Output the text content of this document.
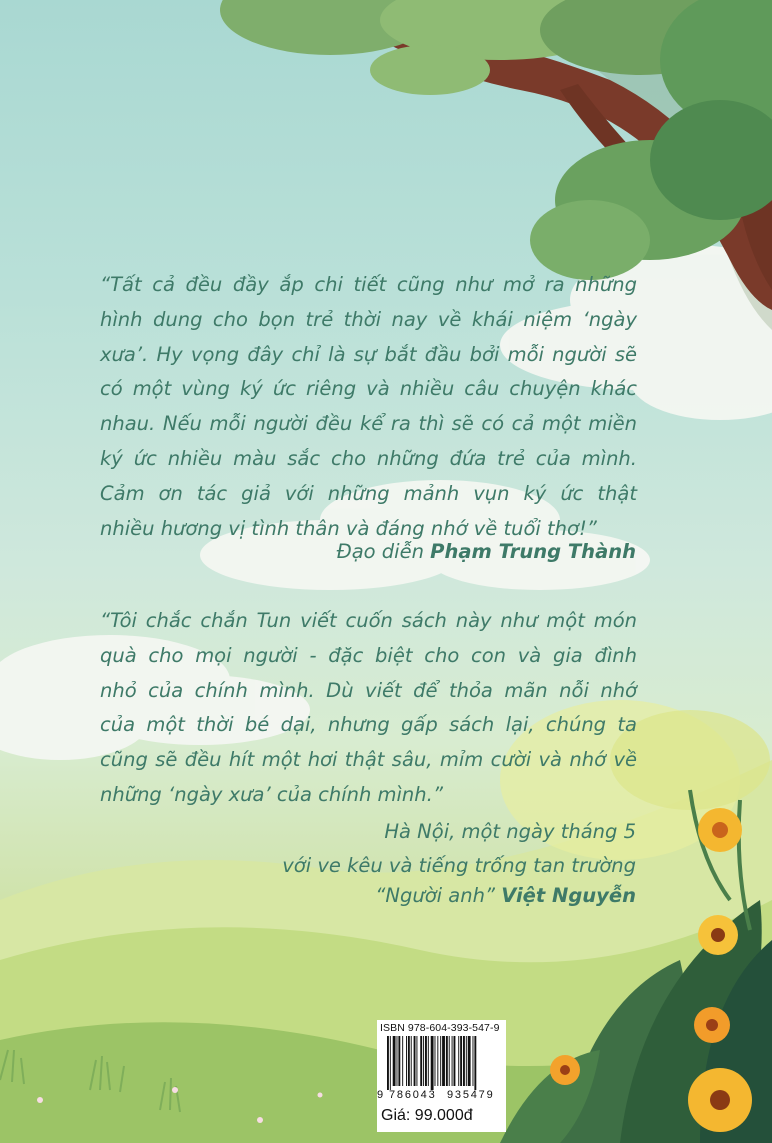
“Tất cả đều đầy ắp chi tiết cũng như mở ra những
hình dung cho bọn trẻ thời nay về khái niệm ‘ngày
xưa’. Hy vọng đây chỉ là sự bắt đầu bởi mỗi người sẽ
có một vùng ký ức riêng và nhiều câu chuyện khác
nhau. Nếu mỗi người đều kể ra thì sẽ có cả một miền
ký ức nhiều màu sắc cho những đứa trẻ của mình.
Cảm ơn tác giả với những mảnh vụn ký ức thật
nhiều hương vị tình thân và đáng nhớ về tuổi thơ!”

Đạo diễn Phạm Trung Thành

“Tôi chắc chắn Tun viết cuốn sách này như một món
quà cho mọi người - đặc biệt cho con và gia đình
nhỏ của chính mình. Dù viết để thỏa mãn nỗi nhớ
của một thời bé dại, nhưng gấp sách lại, chúng ta
cũng sẽ đều hít một hơi thật sâu, mỉm cười và nhớ về
những ‘ngày xưa’ của chính mình.”

Hà Nội, một ngày tháng 5
với ve kêu và tiếng trống tan trường
“Người anh” Việt Nguyễn
ISBN 978-604-393-547-9
9 786043 935479
Giá: 99.000đ
